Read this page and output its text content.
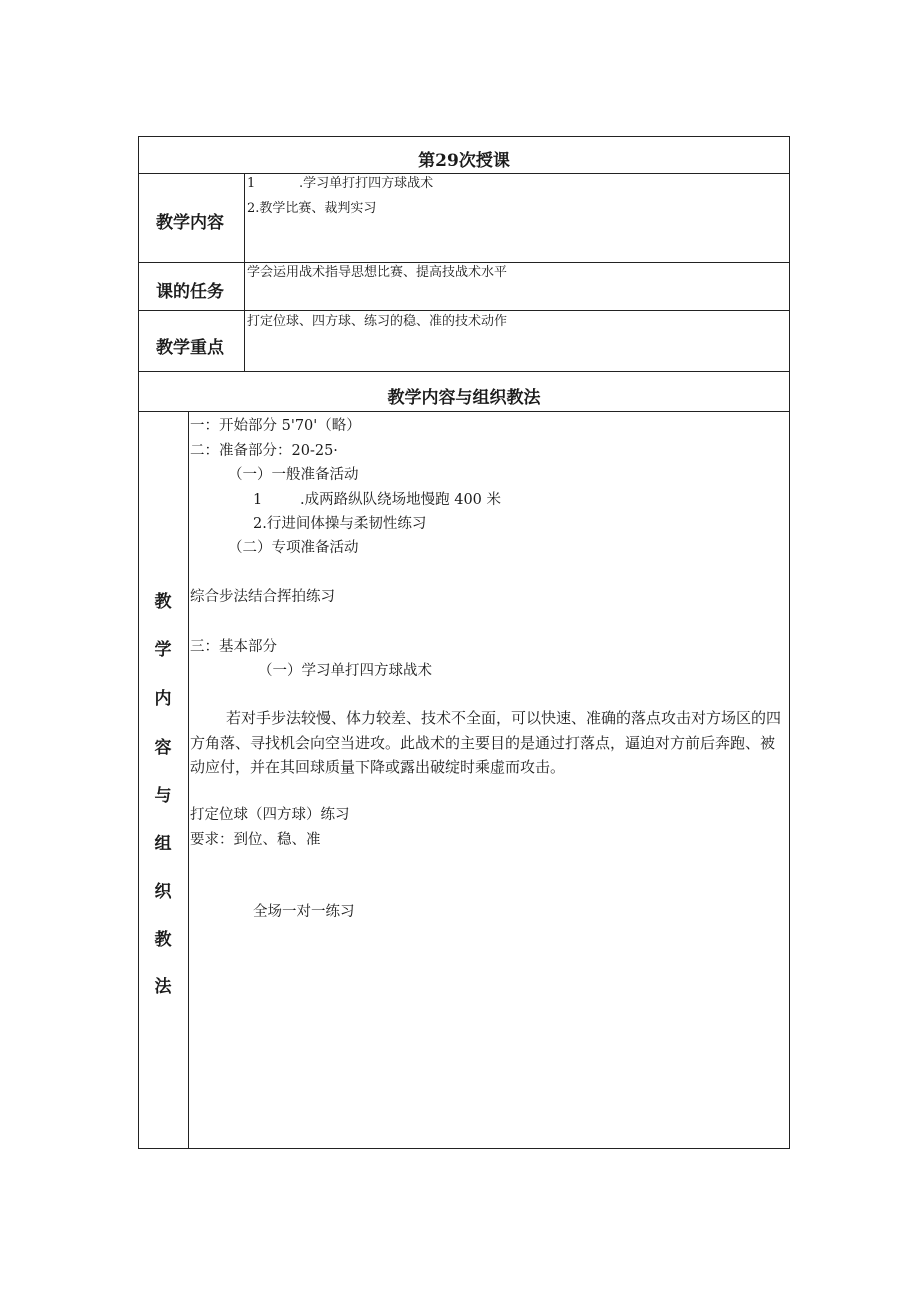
第29次授课
教学内容
1	.学习单打打四方球战术
2.教学比赛、裁判实习
课的任务
学会运用战术指导思想比赛、提高技战术水平
教学重点
打定位球、四方球、练习的稳、准的技术动作
教学内容与组织教法
教
学
内
容
与
组
织
教
法
一：开始部分 5'70'（略）
二：准备部分：20-25·
（一）一般准备活动
1	.成两路纵队绕场地慢跑 400 米
2.行进间体操与柔韧性练习
（二）专项准备活动
综合步法结合挥拍练习
三：基本部分
（一）学习单打四方球战术
若对手步法较慢、体力较差、技术不全面，可以快速、准确的落点攻击对方场区的四方角落、寻找机会向空当进攻。此战术的主要目的是通过打落点，逼迫对方前后奔跑、被动应付，并在其回球质量下降或露出破绽时乘虚而攻击。
打定位球（四方球）练习
要求：到位、稳、准
全场一对一练习
